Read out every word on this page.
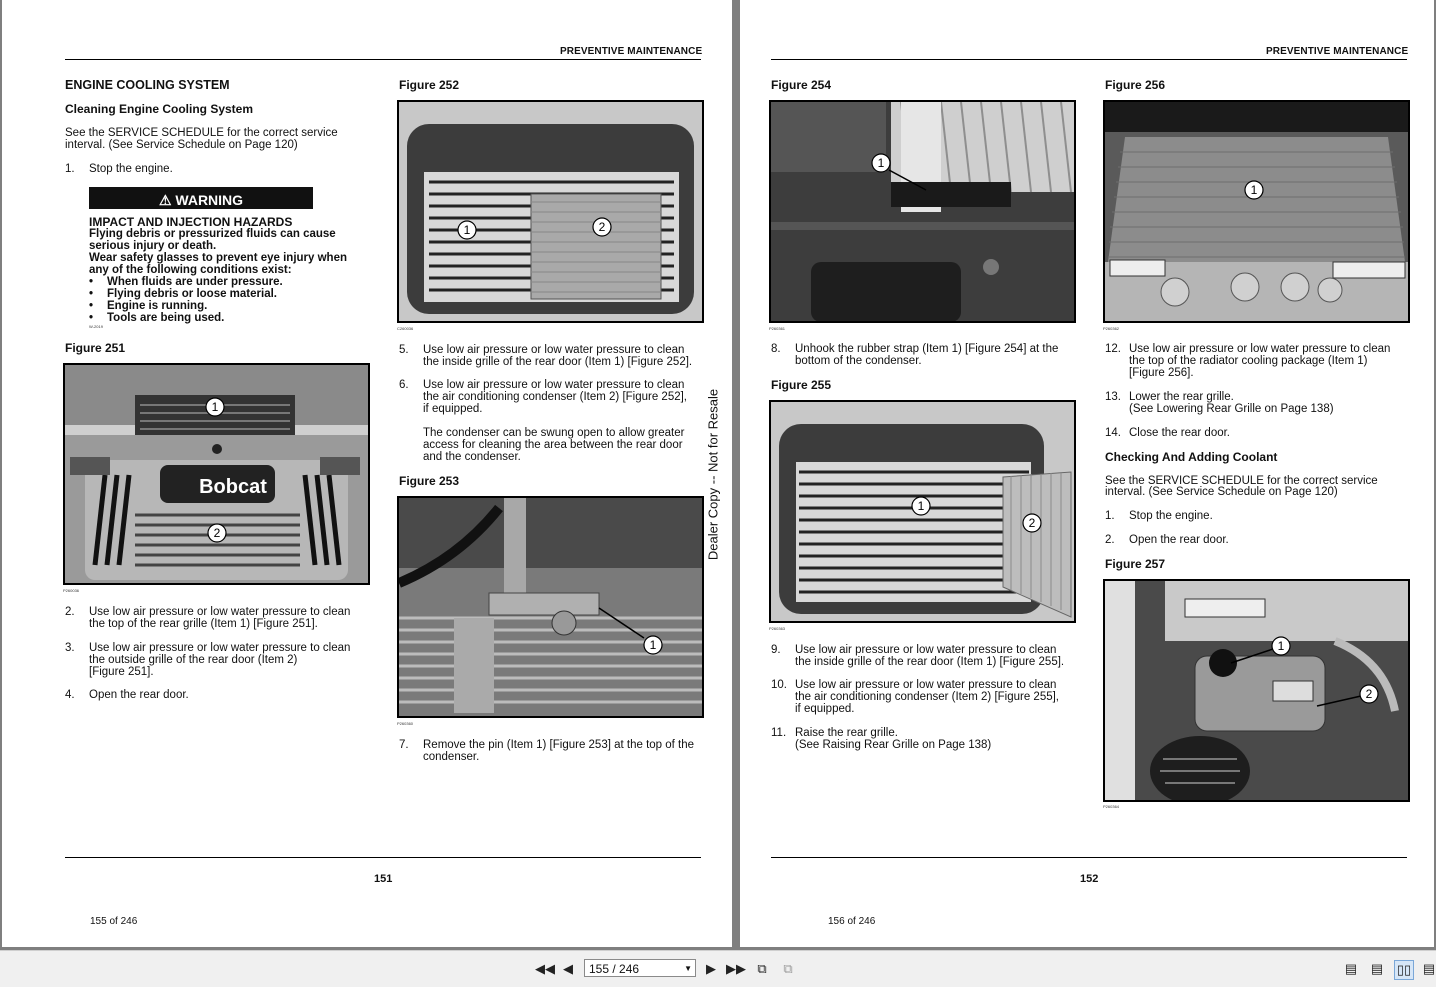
PREVENTIVE MAINTENANCE
ENGINE COOLING SYSTEM
Cleaning Engine Cooling System
See the SERVICE SCHEDULE for the correct service
interval. (See Service Schedule on Page 120)
1. Stop the engine.
⚠ WARNING
IMPACT AND INJECTION HAZARDS
Flying debris or pressurized fluids can cause
serious injury or death.
Wear safety glasses to prevent eye injury when
any of the following conditions exist:
• When fluids are under pressure.
• Flying debris or loose material.
• Engine is running.
• Tools are being used.
W-2019
Figure 251
Bobcat
1
2
P260036
2. Use low air pressure or low water pressure to clean
the top of the rear grille (Item 1) [Figure 251].
3. Use low air pressure or low water pressure to clean
the outside grille of the rear door (Item 2)
[Figure 251].
4. Open the rear door.
Figure 252
1	2
C260036
5. Use low air pressure or low water pressure to clean
the inside grille of the rear door (Item 1) [Figure 252].
6. Use low air pressure or low water pressure to clean
the air conditioning condenser (Item 2) [Figure 252],
if equipped.
The condenser can be swung open to allow greater
access for cleaning the area between the rear door
and the condenser.
Figure 253
1
P260360
7. Remove the pin (Item 1) [Figure 253] at the top of the
condenser.
Dealer Copy -- Not for Resale
151
155 of 246
PREVENTIVE MAINTENANCE
Figure 254
1
P260361
8. Unhook the rubber strap (Item 1) [Figure 254] at the
bottom of the condenser.
Figure 255
1
2
P260363
9. Use low air pressure or low water pressure to clean
the inside grille of the rear door (Item 1) [Figure 255].
10. Use low air pressure or low water pressure to clean
the air conditioning condenser (Item 2) [Figure 255],
if equipped.
11. Raise the rear grille.
(See Raising Rear Grille on Page 138)
Figure 256
1
P260362
12. Use low air pressure or low water pressure to clean
the top of the radiator cooling package (Item 1)
[Figure 256].
13. Lower the rear grille.
(See Lowering Rear Grille on Page 138)
14. Close the rear door.
Checking And Adding Coolant
See the SERVICE SCHEDULE for the correct service
interval. (See Service Schedule on Page 120)
1. Stop the engine.
2. Open the rear door.
Figure 257
1
2
P260364
152
156 of 246
◀◀ ◀	155 / 246	▼	▶ ▶▶ ⧉	⧉	▤ ▤ ▯▯ ▤
